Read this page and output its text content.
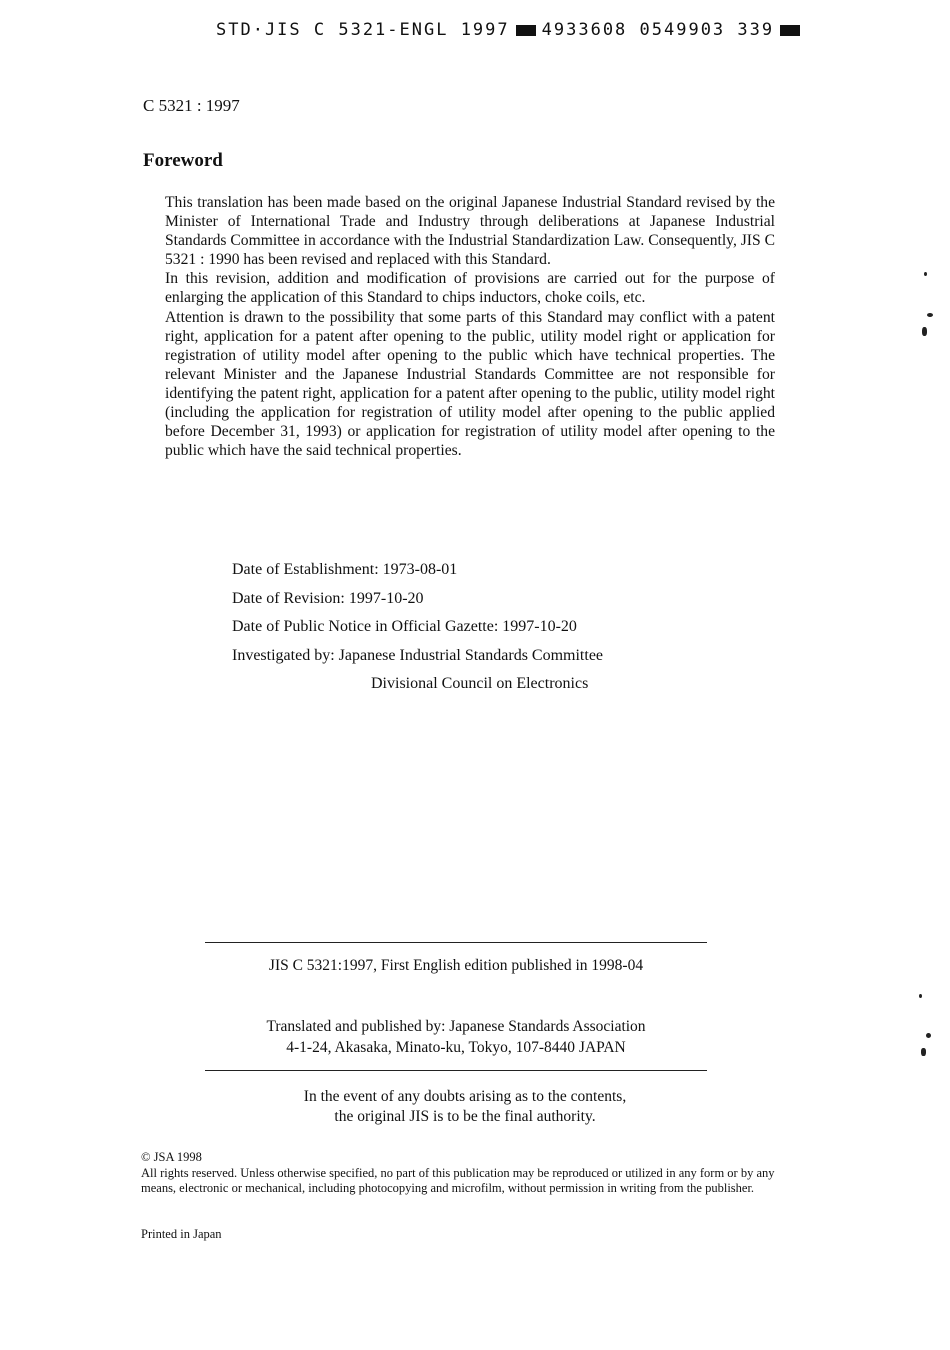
STD·JIS C 5321-ENGL 1997 4933608 0549903 339
C 5321 : 1997
Foreword

This translation has been made based on the original Japanese Industrial Standard revised by the Minister of International Trade and Industry through deliberations at Japanese Industrial Standards Committee in accordance with the Industrial Standardization Law. Consequently, JIS C 5321 : 1990 has been revised and replaced with this Standard.

In this revision, addition and modification of provisions are carried out for the purpose of enlarging the application of this Standard to chips inductors, choke coils, etc.

Attention is drawn to the possibility that some parts of this Standard may conflict with a patent right, application for a patent after opening to the public, utility model right or application for registration of utility model after opening to the public which have technical properties. The relevant Minister and the Japanese Industrial Standards Committee are not responsible for identifying the patent right, application for a patent after opening to the public, utility model right (including the application for registration of utility model after opening to the public applied before December 31, 1993) or application for registration of utility model after opening to the public which have the said technical properties.

Date of Establishment: 1973-08-01
Date of Revision: 1997-10-20
Date of Public Notice in Official Gazette: 1997-10-20
Investigated by: Japanese Industrial Standards Committee
Divisional Council on Electronics
JIS C 5321:1997, First English edition published in 1998-04
Translated and published by: Japanese Standards Association
4-1-24, Akasaka, Minato-ku, Tokyo, 107-8440 JAPAN
In the event of any doubts arising as to the contents,
the original JIS is to be the final authority.

© JSA 1998

All rights reserved. Unless otherwise specified, no part of this publication may be reproduced or utilized in any form or by any means, electronic or mechanical, including photocopying and microfilm, without permission in writing from the publisher.

Printed in Japan
